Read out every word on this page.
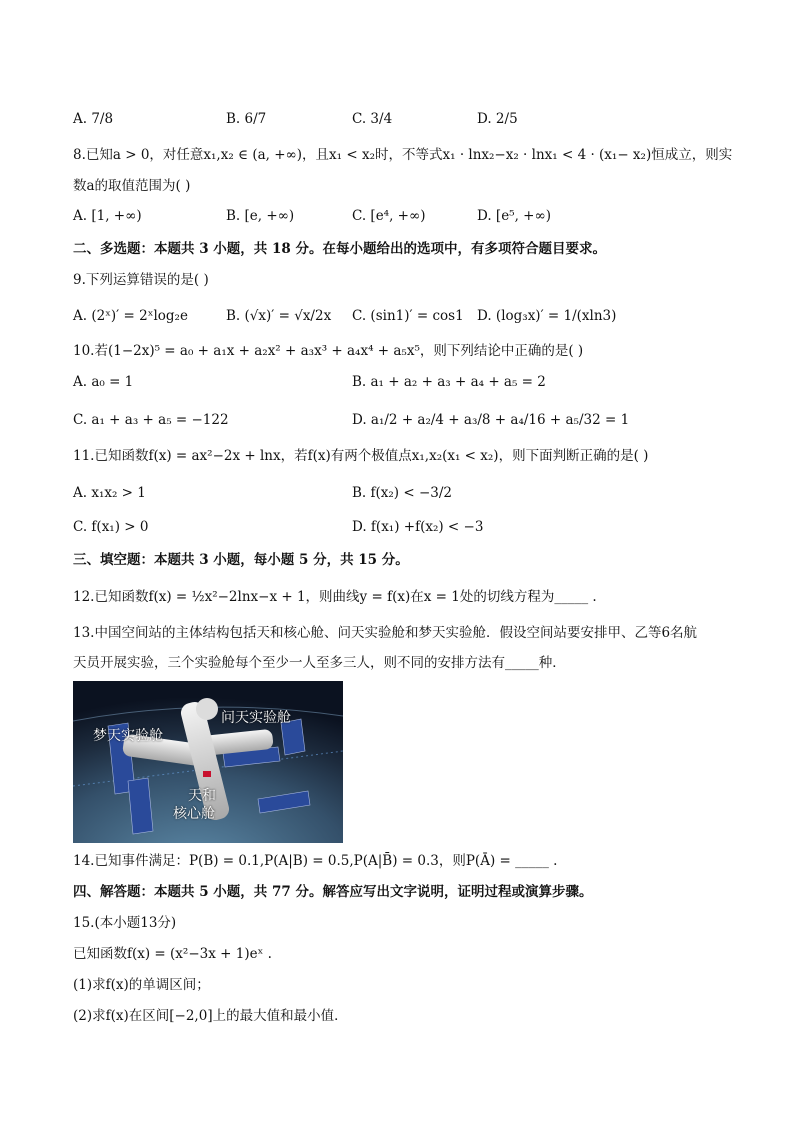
A. 7/8	B. 6/7	C. 3/4	D. 2/5
8.已知a > 0，对任意x₁,x₂ ∈ (a, +∞)，且x₁ < x₂时，不等式x₁ · lnx₂−x₂ · lnx₁ < 4 · (x₁− x₂)恒成立，则实
数a的取值范围为( )
A. [1, +∞)	B. [e, +∞)	C. [e⁴, +∞)	D. [e⁵, +∞)
二、多选题：本题共 3 小题，共 18 分。在每小题给出的选项中，有多项符合题目要求。
9.下列运算错误的是( )
A. (2ˣ)′ = 2ˣlog₂e	B. (√x)′ = √x/2x C. (sin1)′ = cos1 D. (log₃x)′ = 1/(xln3)
10.若(1−2x)⁵ = a₀ + a₁x + a₂x² + a₃x³ + a₄x⁴ + a₅x⁵，则下列结论中正确的是( )
A. a₀ = 1	B. a₁ + a₂ + a₃ + a₄ + a₅ = 2
C. a₁ + a₃ + a₅ = −122	D. a₁/2 + a₂/4 + a₃/8 + a₄/16 + a₅/32 = 1
11.已知函数f(x) = ax²−2x + lnx，若f(x)有两个极值点x₁,x₂(x₁ < x₂)，则下面判断正确的是( )
A. x₁x₂ > 1	B. f(x₂) < −3/2
C. f(x₁) > 0	D. f(x₁) +f(x₂) < −3
三、填空题：本题共 3 小题，每小题 5 分，共 15 分。
12.已知函数f(x) = ½x²−2lnx−x + 1，则曲线y = f(x)在x = 1处的切线方程为_____ .
13.中国空间站的主体结构包括天和核心舱、问天实验舱和梦天实验舱．假设空间站要安排甲、乙等6名航
天员开展实验，三个实验舱每个至少一人至多三人，则不同的安排方法有_____种．
问天实验舱
梦天实验舱
天和
核心舱
14.已知事件满足：P(B) = 0.1,P(A|B) = 0.5,P(A|B̄) = 0.3，则P(Ā) = _____ .
四、解答题：本题共 5 小题，共 77 分。解答应写出文字说明，证明过程或演算步骤。
15.(本小题13分)
已知函数f(x) = (x²−3x + 1)eˣ .
(1)求f(x)的单调区间；
(2)求f(x)在区间[−2,0]上的最大值和最小值．
